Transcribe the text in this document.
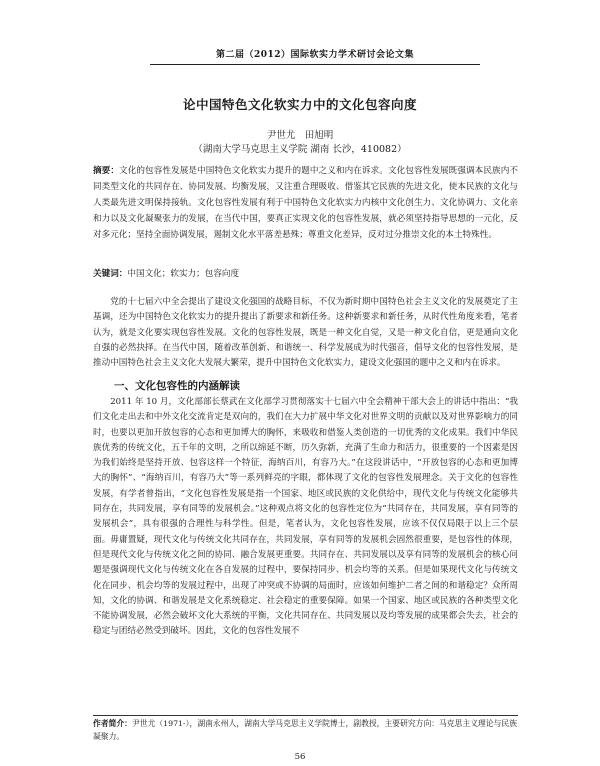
第二届（2012）国际软实力学术研讨会论文集
论中国特色文化软实力中的文化包容向度
尹世尤　田旭明
（湖南大学马克思主义学院 湖南 长沙，410082）
摘要：文化的包容性发展是中国特色文化软实力提升的题中之义和内在诉求。文化包容性发展既强调本民族内不同类型文化的共同存在、协同发展、均衡发展，又注重合理吸收、借鉴其它民族的先进文化，使本民族的文化与人类最先进文明保持接轨。文化包容性发展有利于中国特色文化软实力内核中文化创生力、文化协调力、文化亲和力以及文化凝聚张力的发展，在当代中国，要真正实现文化的包容性发展，就必须坚持指导思想的一元化，反对多元化；坚持全面协调发展，遏制文化水平落差悬殊；尊重文化差异，反对过分推崇文化的本土特殊性。
关键词：中国文化；软实力；包容向度
党的十七届六中全会提出了建设文化强国的战略目标，不仅为新时期中国特色社会主义文化的发展奠定了主基调，还为中国特色文化软实力的提升提出了新要求和新任务。这种新要求和新任务，从时代性角度来看，笔者认为，就是文化要实现包容性发展。文化的包容性发展，既是一种文化自觉，又是一种文化自信，更是通向文化自强的必然抉择。在当代中国，随着改革创新、和谐统一、科学发展成为时代强音，倡导文化的包容性发展，是推动中国特色社会主义文化大发展大繁荣，提升中国特色文化软实力，建设文化强国的题中之义和内在诉求。
一、文化包容性的内涵解读
2011 年 10 月，文化部部长蔡武在文化部学习贯彻落实十七届六中全会精神干部大会上的讲话中指出：“我们文化走出去和中外文化交流肯定是双向的，我们在大力扩展中华文化对世界文明的贡献以及对世界影响力的同时，也要以更加开放包容的心态和更加博大的胸怀，来吸收和借鉴人类创造的一切优秀的文化成果。我们中华民族优秀的传统文化，五千年的文明，之所以绵延不断，历久弥新，充满了生命力和活力，很重要的一个因素是因为我们始终是坚持开放、包容这样一个特征，海纳百川，有容乃大。”在这段讲话中，“开放包容的心态和更加博大的胸怀”、“海纳百川，有容乃大”等一系列鲜亮的字眼，都体现了文化的包容性发展理念。关于文化的包容性发展，有学者曾指出，“文化包容性发展是指一个国家、地区或民族的文化供给中，现代文化与传统文化能够共同存在，共同发展，享有同等的发展机会。”这种观点将文化的包容性定位为“共同存在，共同发展，享有同等的发展机会”，具有很强的合理性与科学性。但是，笔者认为，文化包容性发展，应该不仅仅局限于以上三个层面。毋庸置疑，现代文化与传统文化共同存在，共同发展，享有同等的发展机会固然很重要，是包容性的体现，但是现代文化与传统文化之间的协同、融合发展更重要。共同存在、共同发展以及享有同等的发展机会的核心问题是强调现代文化与传统文化在各自发展的过程中，要保持同步、机会均等的关系。但是如果现代文化与传统文化在同步、机会均等的发展过程中，出现了冲突或不协调的局面时，应该如何维护二者之间的和谐稳定？众所周知，文化的协调、和谐发展是文化系统稳定、社会稳定的重要保障。如果一个国家、地区或民族的各种类型文化不能协调发展，必然会破坏文化大系统的平衡，文化共同存在、共同发展以及均等发展的成果都会失去，社会的稳定与团结必然受到破坏。因此，文化的包容性发展不
作者简介：尹世尤（1971-），湖南永州人，湖南大学马克思主义学院博士，副教授，主要研究方向：马克思主义理论与民族凝聚力。
56
